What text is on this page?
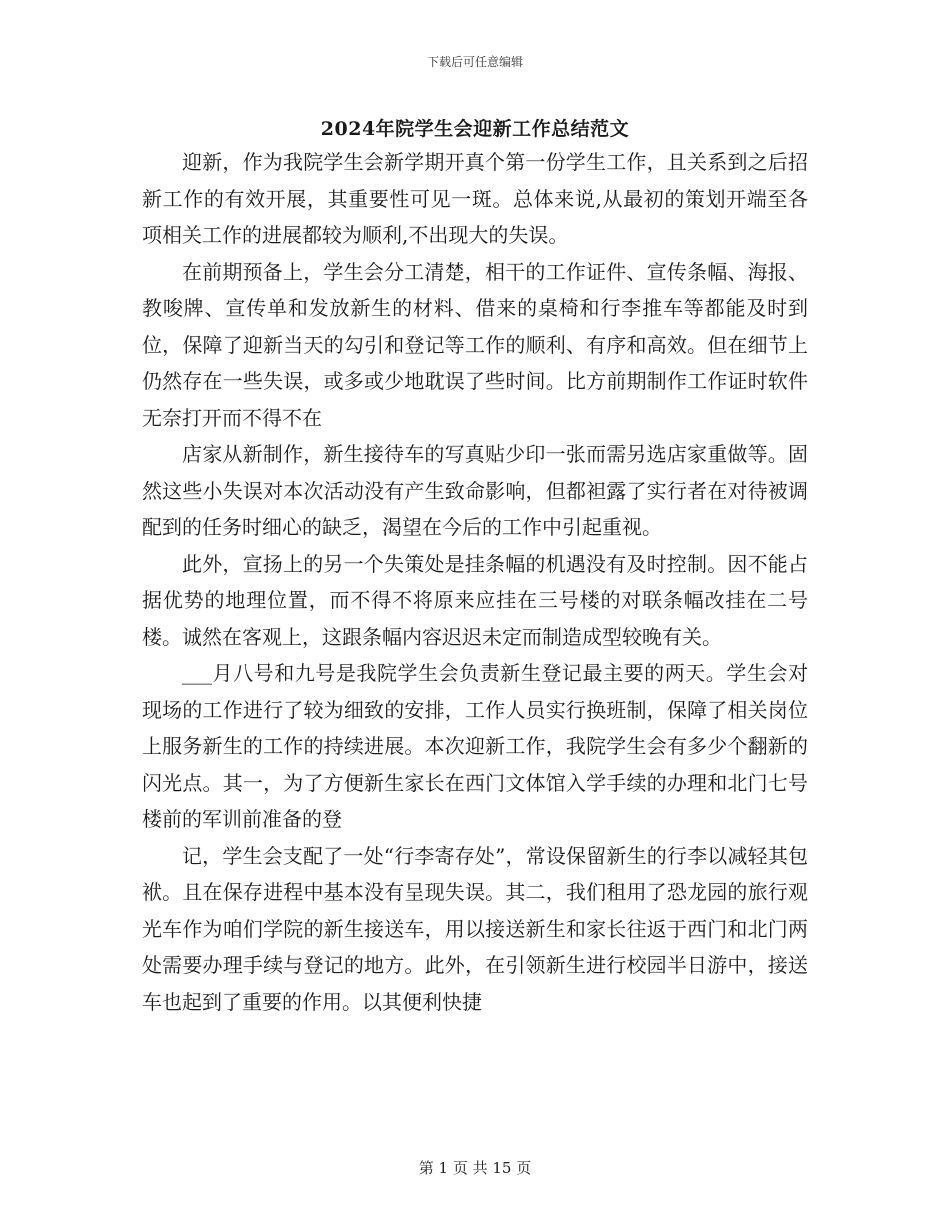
下载后可任意编辑
2024年院学生会迎新工作总结范文

迎新，作为我院学生会新学期开真个第一份学生工作，且关系到之后招新工作的有效开展，其重要性可见一斑。总体来说,从最初的策划开端至各项相关工作的进展都较为顺利,不出现大的失误。

在前期预备上，学生会分工清楚，相干的工作证件、宣传条幅、海报、教唆牌、宣传单和发放新生的材料、借来的桌椅和行李推车等都能及时到位，保障了迎新当天的勾引和登记等工作的顺利、有序和高效。但在细节上仍然存在一些失误，或多或少地耽误了些时间。比方前期制作工作证时软件无奈打开而不得不在

店家从新制作，新生接待车的写真贴少印一张而需另选店家重做等。固然这些小失误对本次活动没有产生致命影响，但都袒露了实行者在对待被调配到的任务时细心的缺乏，渴望在今后的工作中引起重视。

此外，宣扬上的另一个失策处是挂条幅的机遇没有及时控制。因不能占据优势的地理位置，而不得不将原来应挂在三号楼的对联条幅改挂在二号楼。诚然在客观上，这跟条幅内容迟迟未定而制造成型较晚有关。

___月八号和九号是我院学生会负责新生登记最主要的两天。学生会对现场的工作进行了较为细致的安排，工作人员实行换班制，保障了相关岗位上服务新生的工作的持续进展。本次迎新工作，我院学生会有多少个翻新的闪光点。其一，为了方便新生家长在西门文体馆入学手续的办理和北门七号楼前的军训前准备的登

记，学生会支配了一处“行李寄存处”，常设保留新生的行李以减轻其包袱。且在保存进程中基本没有呈现失误。其二，我们租用了恐龙园的旅行观光车作为咱们学院的新生接送车，用以接送新生和家长往返于西门和北门两处需要办理手续与登记的地方。此外，在引领新生进行校园半日游中，接送车也起到了重要的作用。以其便利快捷

第 1 页 共 15 页
